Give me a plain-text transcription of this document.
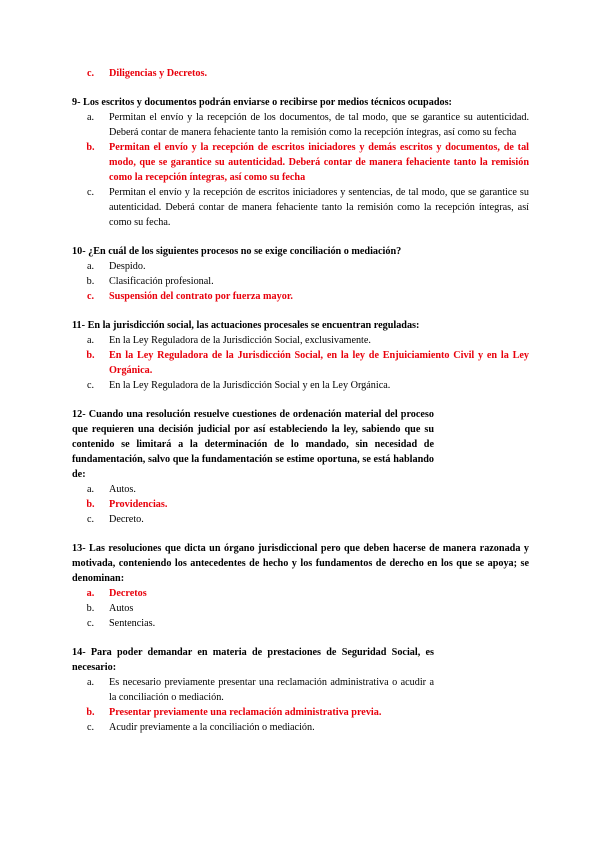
c.	Diligencias y Decretos.
9- Los escritos y documentos podrán enviarse o recibirse por medios técnicos ocupados:
a.	Permitan el envío y la recepción de los documentos, de tal modo, que se garantice su autenticidad. Deberá contar de manera fehaciente tanto la remisión como la recepción íntegras, así como su fecha
b.	Permitan el envío y la recepción de escritos iniciadores y demás escritos y documentos, de tal modo, que se garantice su autenticidad. Deberá contar de manera fehaciente tanto la remisión como la recepción íntegras, así como su fecha
c.	Permitan el envío y la recepción de escritos iniciadores y sentencias, de tal modo, que se garantice su autenticidad. Deberá contar de manera fehaciente tanto la remisión como la recepción íntegras, así como su fecha.
10- ¿En cuál de los siguientes procesos no se exige conciliación o mediación?
a.	Despido.
b.	Clasificación profesional.
c.	Suspensión del contrato por fuerza mayor.
11- En la jurisdicción social, las actuaciones procesales se encuentran reguladas:
a.	En la Ley Reguladora de la Jurisdicción Social, exclusivamente.
b.	En la Ley Reguladora de la Jurisdicción Social, en la ley de Enjuiciamiento Civil y en la Ley Orgánica.
c.	En la Ley Reguladora de la Jurisdicción Social y en la Ley Orgánica.
12- Cuando una resolución resuelve cuestiones de ordenación material del proceso que requieren una decisión judicial por así estableciendo la ley, sabiendo que su contenido se limitará a la determinación de lo mandado, sin necesidad de fundamentación, salvo que la fundamentación se estime oportuna, se está hablando de:
a.	Autos.
b.	Providencias.
c.	Decreto.
13- Las resoluciones que dicta un órgano jurisdiccional pero que deben hacerse de manera razonada y motivada, conteniendo los antecedentes de hecho y los fundamentos de derecho en los que se apoya; se denominan:
a.	Decretos
b.	Autos
c.	Sentencias.
14- Para poder demandar en materia de prestaciones de Seguridad Social, es necesario:
a.	Es necesario previamente presentar una reclamación administrativa o acudir a la conciliación o mediación.
b.	Presentar previamente una reclamación administrativa previa.
c.	Acudir previamente a la conciliación o mediación.
